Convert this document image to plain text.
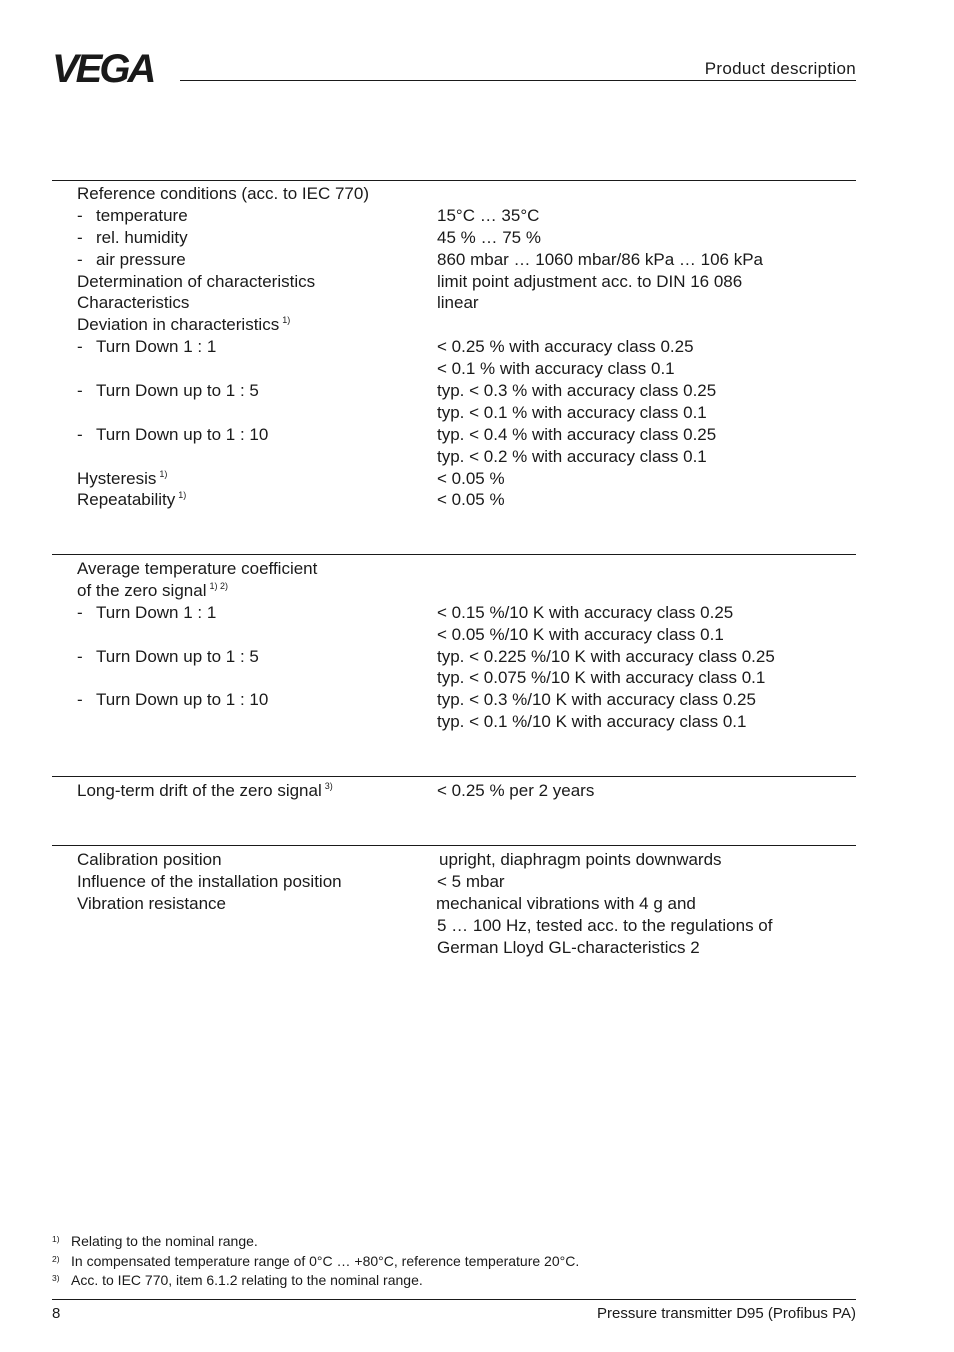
VEGA	Product description
Reference conditions (acc. to IEC 770)
- temperature	15°C … 35°C
- rel. humidity	45 % … 75 %
- air pressure	860 mbar … 1060 mbar/86 kPa … 106 kPa
Determination of characteristics	limit point adjustment acc. to DIN 16 086
Characteristics	linear
Deviation in characteristics $^{1)}$
- Turn Down 1 : 1	< 0.25 % with accuracy class 0.25
< 0.1 % with accuracy class 0.1
- Turn Down up to 1 : 5	typ. < 0.3 % with accuracy class 0.25
typ. < 0.1 % with accuracy class 0.1
- Turn Down up to 1 : 10	typ. < 0.4 % with accuracy class 0.25
typ. < 0.2 % with accuracy class 0.1
Hysteresis $^{1)}$	< 0.05 %
Repeatability $^{1)}$	< 0.05 %
Average temperature coefficient
of the zero signal $^{1) 2)}$
- Turn Down 1 : 1	< 0.15 %/10 K with accuracy class 0.25
< 0.05 %/10 K with accuracy class 0.1
- Turn Down up to 1 : 5	typ. < 0.225 %/10 K with accuracy class 0.25
typ. < 0.075 %/10 K with accuracy class 0.1
- Turn Down up to 1 : 10	typ. < 0.3 %/10 K with accuracy class 0.25
typ. < 0.1 %/10 K with accuracy class 0.1
Long-term drift of the zero signal $^{3)}$	< 0.25 % per 2 years
Calibration position	upright, diaphragm points downwards
Influence of the installation position	< 5 mbar
Vibration resistance	mechanical vibrations with 4 g and
5 … 100 Hz, tested acc. to the regulations of
German Lloyd GL-characteristics 2
1) Relating to the nominal range.
2) In compensated temperature range of 0°C … +80°C, reference temperature 20°C.
3) Acc. to IEC 770, item 6.1.2 relating to the nominal range.
8	Pressure transmitter D95 (Profibus PA)
